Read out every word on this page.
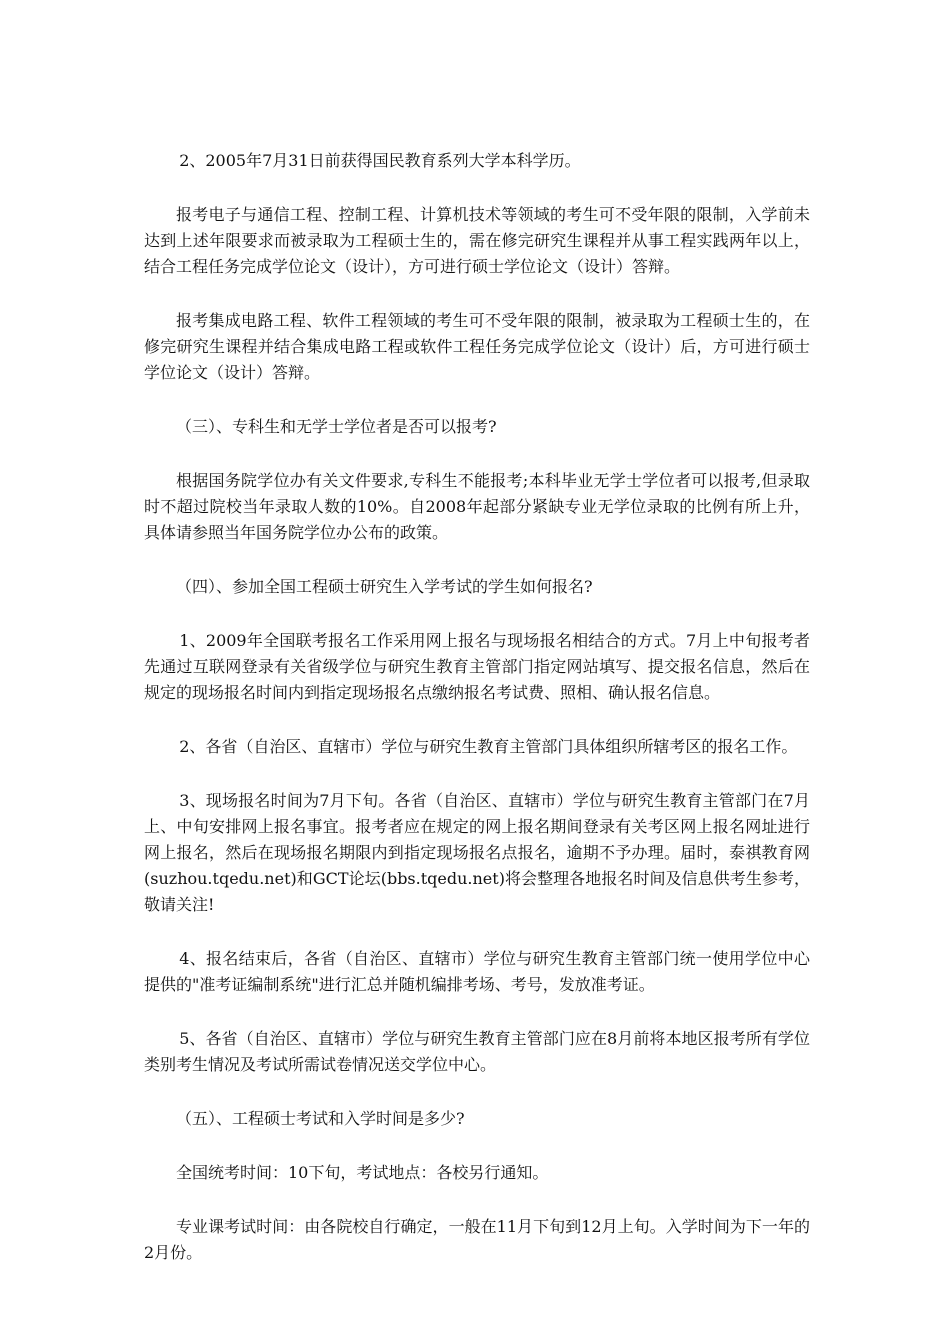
2、2005年7月31日前获得国民教育系列大学本科学历。

报考电子与通信工程、控制工程、计算机技术等领域的考生可不受年限的限制，入学前未达到上述年限要求而被录取为工程硕士生的，需在修完研究生课程并从事工程实践两年以上，结合工程任务完成学位论文（设计），方可进行硕士学位论文（设计）答辩。

报考集成电路工程、软件工程领域的考生可不受年限的限制，被录取为工程硕士生的，在修完研究生课程并结合集成电路工程或软件工程任务完成学位论文（设计）后，方可进行硕士学位论文（设计）答辩。

（三）、专科生和无学士学位者是否可以报考?

根据国务院学位办有关文件要求,专科生不能报考;本科毕业无学士学位者可以报考,但录取时不超过院校当年录取人数的10%。自2008年起部分紧缺专业无学位录取的比例有所上升，具体请参照当年国务院学位办公布的政策。

（四）、参加全国工程硕士研究生入学考试的学生如何报名?

1、2009年全国联考报名工作采用网上报名与现场报名相结合的方式。7月上中旬报考者先通过互联网登录有关省级学位与研究生教育主管部门指定网站填写、提交报名信息，然后在规定的现场报名时间内到指定现场报名点缴纳报名考试费、照相、确认报名信息。

2、各省（自治区、直辖市）学位与研究生教育主管部门具体组织所辖考区的报名工作。

3、现场报名时间为7月下旬。各省（自治区、直辖市）学位与研究生教育主管部门在7月上、中旬安排网上报名事宜。报考者应在规定的网上报名期间登录有关考区网上报名网址进行网上报名，然后在现场报名期限内到指定现场报名点报名，逾期不予办理。届时，泰祺教育网(suzhou.tqedu.net)和GCT论坛(bbs.tqedu.net)将会整理各地报名时间及信息供考生参考，敬请关注!

4、报名结束后，各省（自治区、直辖市）学位与研究生教育主管部门统一使用学位中心提供的"准考证编制系统"进行汇总并随机编排考场、考号，发放准考证。

5、各省（自治区、直辖市）学位与研究生教育主管部门应在8月前将本地区报考所有学位类别考生情况及考试所需试卷情况送交学位中心。

（五）、工程硕士考试和入学时间是多少?

全国统考时间：10下旬，考试地点：各校另行通知。

专业课考试时间：由各院校自行确定，一般在11月下旬到12月上旬。入学时间为下一年的2月份。
